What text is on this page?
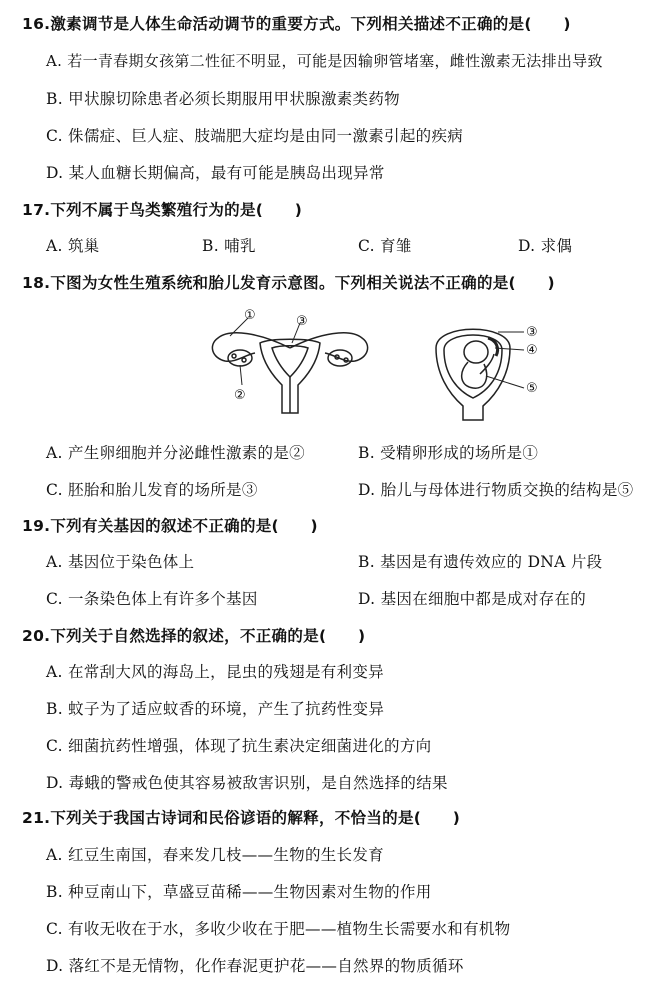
16.激素调节是人体生命活动调节的重要方式。下列相关描述不正确的是(　　)
A. 若一青春期女孩第二性征不明显，可能是因输卵管堵塞，雌性激素无法排出导致
B. 甲状腺切除患者必须长期服用甲状腺激素类药物
C. 侏儒症、巨人症、肢端肥大症均是由同一激素引起的疾病
D. 某人血糖长期偏高，最有可能是胰岛出现异常
17.下列不属于鸟类繁殖行为的是(　　)
A. 筑巢	B. 哺乳	C. 育雏	D. 求偶
18.下图为女性生殖系统和胎儿发育示意图。下列相关说法不正确的是(　　)
①	③
②
③
④
⑤
A. 产生卵细胞并分泌雌性激素的是②	B. 受精卵形成的场所是①
C. 胚胎和胎儿发育的场所是③	D. 胎儿与母体进行物质交换的结构是⑤
19.下列有关基因的叙述不正确的是(　　)
A. 基因位于染色体上	B. 基因是有遗传效应的 DNA 片段
C. 一条染色体上有许多个基因	D. 基因在细胞中都是成对存在的
20.下列关于自然选择的叙述，不正确的是(　　)
A. 在常刮大风的海岛上，昆虫的残翅是有利变异
B. 蚊子为了适应蚊香的环境，产生了抗药性变异
C. 细菌抗药性增强，体现了抗生素决定细菌进化的方向
D. 毒蛾的警戒色使其容易被敌害识别，是自然选择的结果
21.下列关于我国古诗词和民俗谚语的解释，不恰当的是(　　)
A. 红豆生南国，春来发几枝——生物的生长发育
B. 种豆南山下，草盛豆苗稀——生物因素对生物的作用
C. 有收无收在于水，多收少收在于肥——植物生长需要水和有机物
D. 落红不是无情物，化作春泥更护花——自然界的物质循环
